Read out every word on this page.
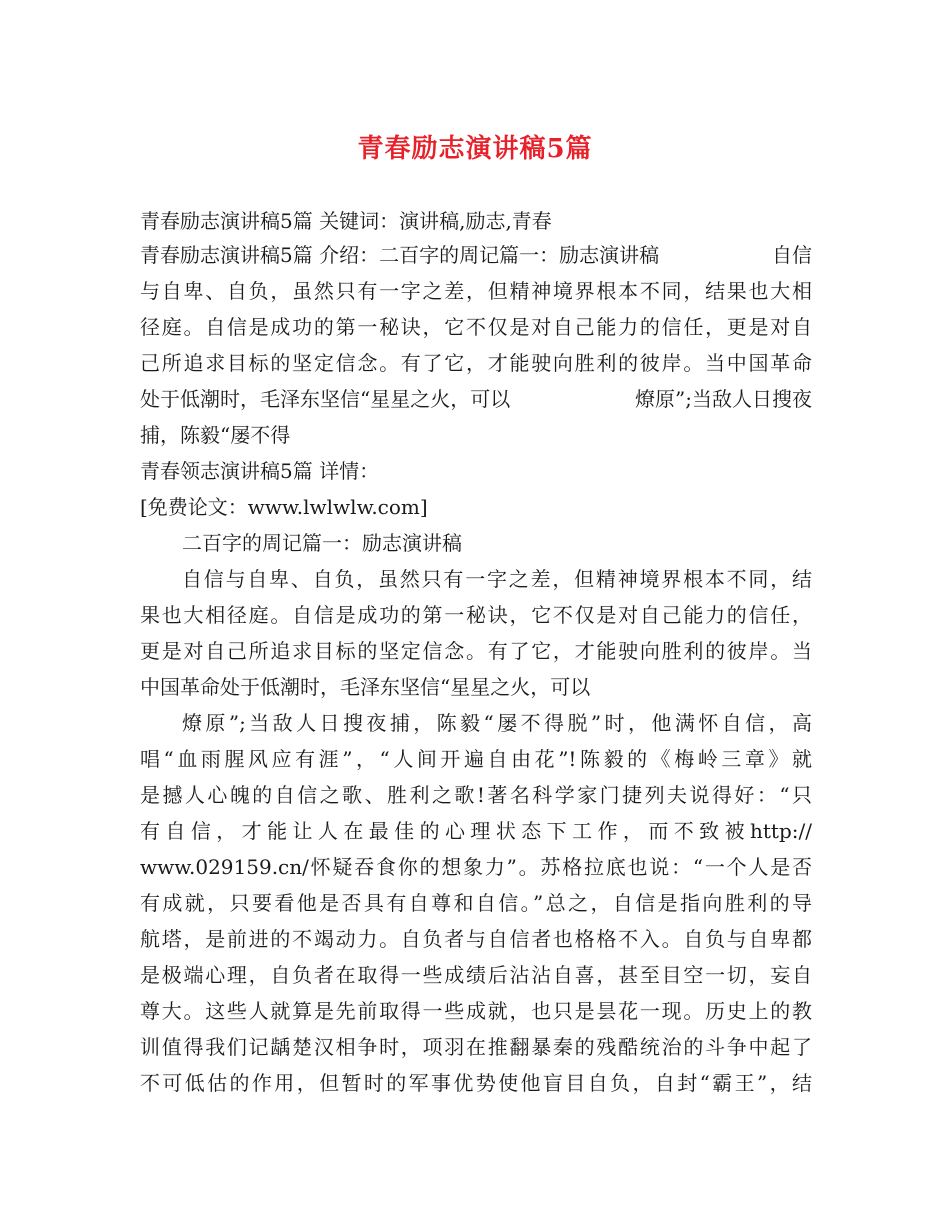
青春励志演讲稿5篇
青春励志演讲稿5篇 关键词：演讲稿,励志,青春
青春励志演讲稿5篇 介绍：二百字的周记篇一：励志演讲稿	自信
与自卑、自负，虽然只有一字之差，但精神境界根本不同，结果也大相
径庭。自信是成功的第一秘诀，它不仅是对自己能力的信任，更是对自
己所追求目标的坚定信念。有了它，才能驶向胜利的彼岸。当中国革命
处于低潮时，毛泽东坚信“星星之火，可以	燎原”;当敌人日搜夜
捕，陈毅“屡不得
青春领志演讲稿5篇 详情：
[免费论文：www.lwlwlw.com]
二百字的周记篇一：励志演讲稿
自信与自卑、自负，虽然只有一字之差，但精神境界根本不同，结
果也大相径庭。自信是成功的第一秘诀，它不仅是对自己能力的信任，
更是对自己所追求目标的坚定信念。有了它，才能驶向胜利的彼岸。当
中国革命处于低潮时，毛泽东坚信“星星之火，可以
燎原”;当敌人日搜夜捕，陈毅“屡不得脱”时，他满怀自信，高
唱“血雨腥风应有涯”，“人间开遍自由花”!陈毅的《梅岭三章》就
是撼人心魄的自信之歌、胜利之歌!著名科学家门捷列夫说得好：“只
有自信，才能让人在最佳的心理状态下工作，而不致被http://
www.029159.cn/怀疑吞食你的想象力”。苏格拉底也说：“一个人是否
有成就，只要看他是否具有自尊和自信。”总之，自信是指向胜利的导
航塔，是前进的不竭动力。自负者与自信者也格格不入。自负与自卑都
是极端心理，自负者在取得一些成绩后沾沾自喜，甚至目空一切，妄自
尊大。这些人就算是先前取得一些成就，也只是昙花一现。历史上的教
训值得我们记龋楚汉相争时，项羽在推翻暴秦的残酷统治的斗争中起了
不可低估的作用，但暂时的军事优势使他盲目自负，自封“霸王”，结
